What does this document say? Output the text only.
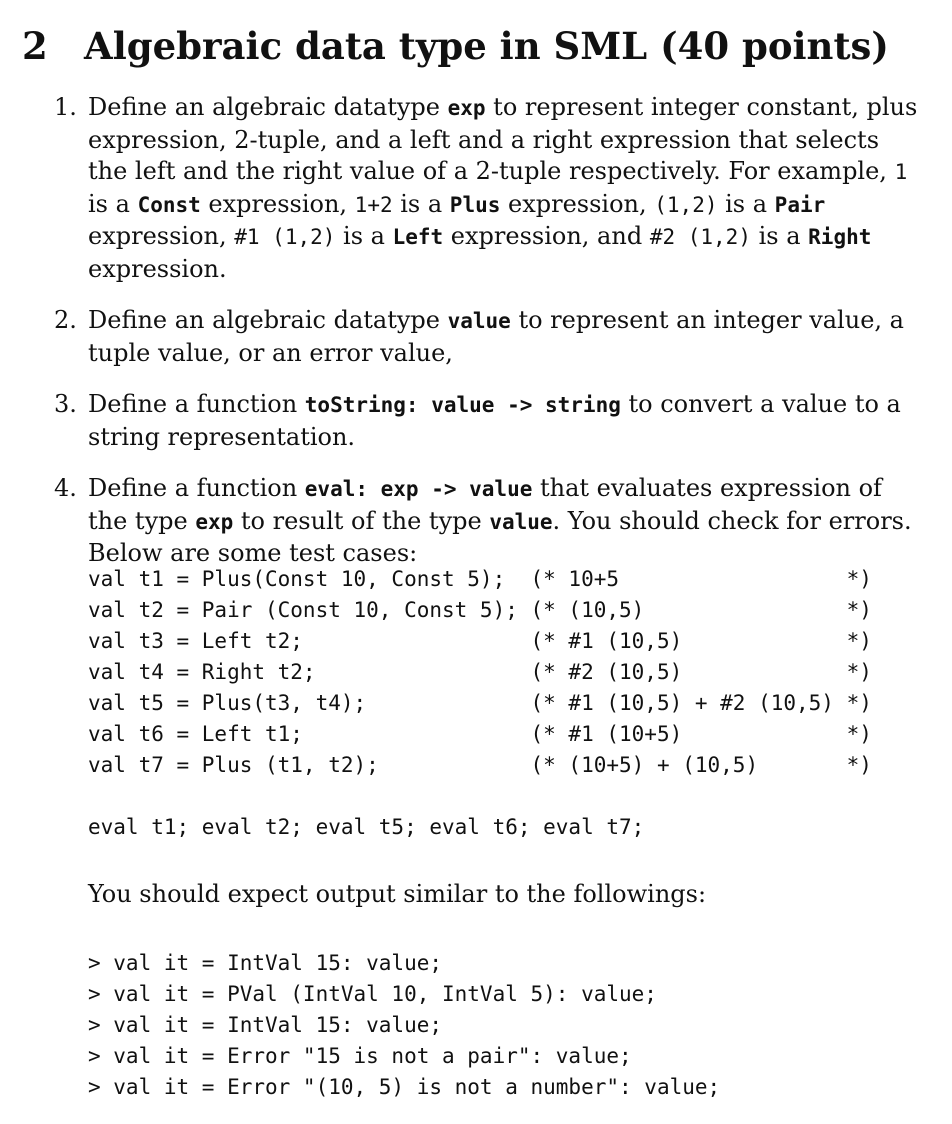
2 Algebraic data type in SML (40 points)
1. Define an algebraic datatype exp to represent integer constant, plus expression, 2-tuple, and a left and a right expression that selects the left and the right value of a 2-tuple respectively. For example, 1 is a Const expression, 1+2 is a Plus expression, (1,2) is a Pair expression, #1 (1,2) is a Left expression, and #2 (1,2) is a Right expression.
2. Define an algebraic datatype value to represent an integer value, a tuple value, or an error value,
3. Define a function toString: value -> string to convert a value to a string representation.
4. Define a function eval: exp -> value that evaluates expression of the type exp to result of the type value. You should check for errors. Below are some test cases:
val t1 = Plus(Const 10, Const 5);  (* 10+5                  *)
val t2 = Pair (Const 10, Const 5); (* (10,5)                *)
val t3 = Left t2;                  (* #1 (10,5)             *)
val t4 = Right t2;                 (* #2 (10,5)             *)
val t5 = Plus(t3, t4);             (* #1 (10,5) + #2 (10,5) *)
val t6 = Left t1;                  (* #1 (10+5)             *)
val t7 = Plus (t1, t2);            (* (10+5) + (10,5)       *)
eval t1; eval t2; eval t5; eval t6; eval t7;
You should expect output similar to the followings:
> val it = IntVal 15: value;
> val it = PVal (IntVal 10, IntVal 5): value;
> val it = IntVal 15: value;
> val it = Error "15 is not a pair": value;
> val it = Error "(10, 5) is not a number": value;
